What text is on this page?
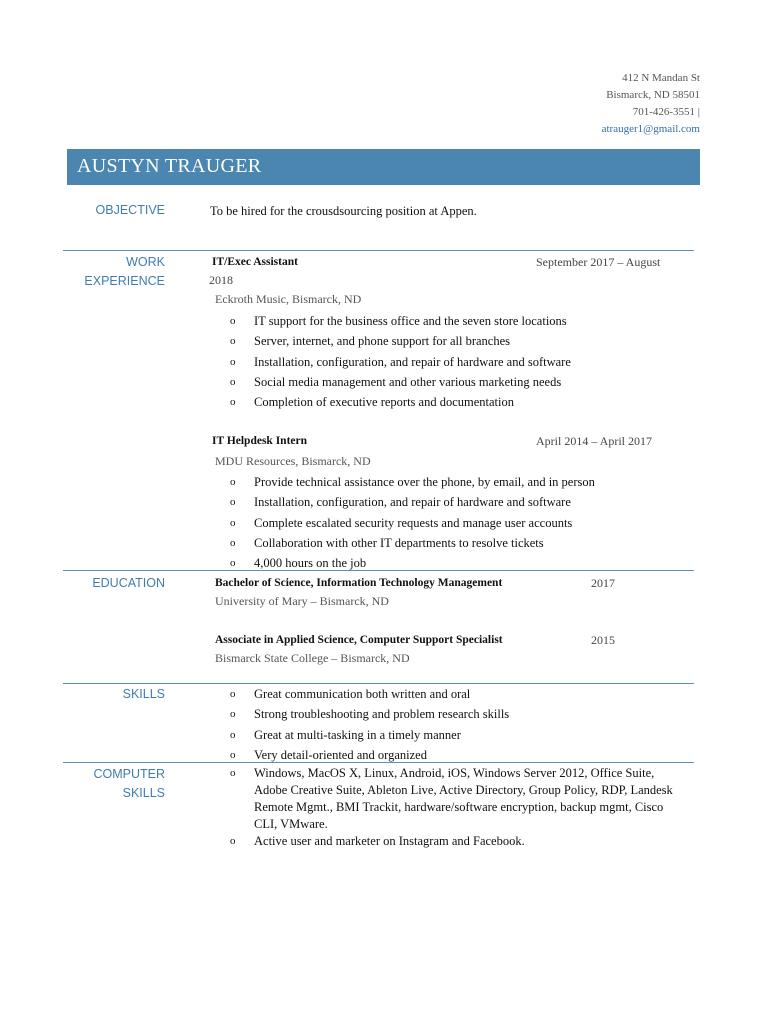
412 N Mandan St
Bismarck, ND 58501
701-426-3551 |
atrauger1@gmail.com
AUSTYN TRAUGER
OBJECTIVE	To be hired for the crousdsourcing position at Appen.
WORK
EXPERIENCE
IT/Exec Assistant	September 2017 – August
2018
Eckroth Music, Bismarck, ND
o IT support for the business office and the seven store locations
o Server, internet, and phone support for all branches
o Installation, configuration, and repair of hardware and software
o Social media management and other various marketing needs
o Completion of executive reports and documentation
IT Helpdesk Intern	April 2014 – April 2017
MDU Resources, Bismarck, ND
o Provide technical assistance over the phone, by email, and in person
o Installation, configuration, and repair of hardware and software
o Complete escalated security requests and manage user accounts
o Collaboration with other IT departments to resolve tickets
o 4,000 hours on the job
EDUCATION	Bachelor of Science, Information Technology Management	2017
University of Mary – Bismarck, ND
Associate in Applied Science, Computer Support Specialist	2015
Bismarck State College – Bismarck, ND
SKILLS	o Great communication both written and oral
o Strong troubleshooting and problem research skills
o Great at multi-tasking in a timely manner
o Very detail-oriented and organized
COMPUTER
SKILLS
o Windows, MacOS X, Linux, Android, iOS, Windows Server 2012, Office Suite, Adobe Creative Suite, Ableton Live, Active Directory, Group Policy, RDP, Landesk Remote Mgmt., BMI Trackit, hardware/software encryption, backup mgmt, Cisco CLI, VMware.
o Active user and marketer on Instagram and Facebook.
